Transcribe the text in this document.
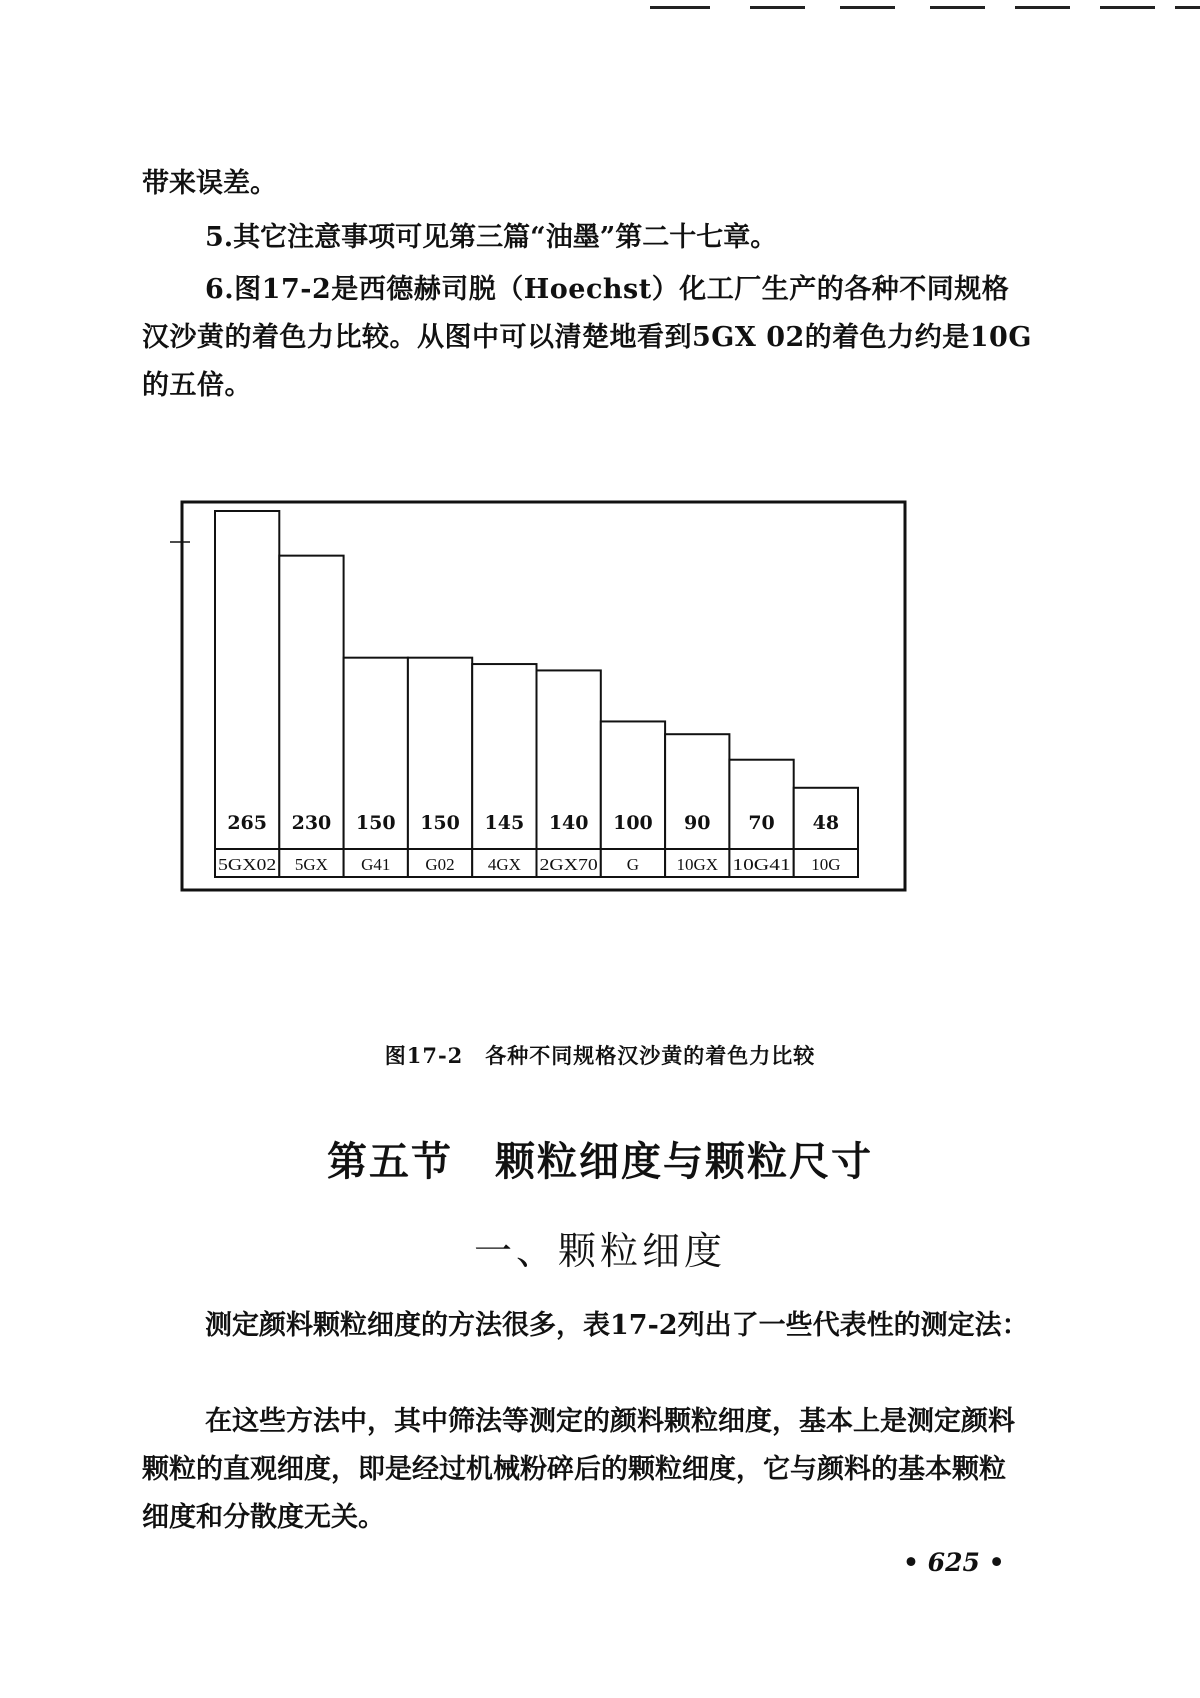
带来误差。

5.其它注意事项可见第三篇“油墨”第二十七章。

6.图17-2是西德赫司脱（Hoechst）化工厂生产的各种不同规格汉沙黄的着色力比较。从图中可以清楚地看到5GX 02的着色力约是10G的五倍。

265
5GX02
230
5GX
150
G41
150
G02
145
4GX
140
2GX70
100
G
90
10GX
70
10G41
48
10G
图17-2　各种不同规格汉沙黄的着色力比较
第五节　颗粒细度与颗粒尺寸
一、颗粒细度

测定颜料颗粒细度的方法很多，表17-2列出了一些代表性的测定法：

在这些方法中，其中筛法等测定的颜料颗粒细度，基本上是测定颜料颗粒的直观细度，即是经过机械粉碎后的颗粒细度，它与颜料的基本颗粒细度和分散度无关。

• 625 •
